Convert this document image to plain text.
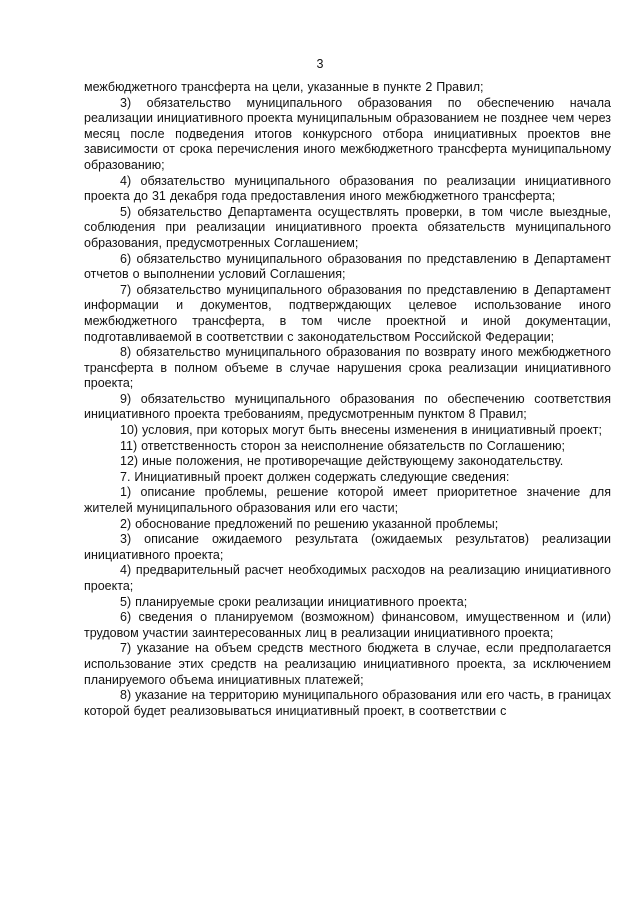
3

межбюджетного трансферта на цели, указанные в пункте 2 Правил;

3) обязательство муниципального образования по обеспечению начала реализации инициативного проекта муниципальным образованием не позднее чем через месяц после подведения итогов конкурсного отбора инициативных проектов вне зависимости от срока перечисления иного межбюджетного трансферта муниципальному образованию;

4) обязательство муниципального образования по реализации инициативного проекта до 31 декабря года предоставления иного межбюджетного трансферта;

5) обязательство Департамента осуществлять проверки, в том числе выездные, соблюдения при реализации инициативного проекта обязательств муниципального образования, предусмотренных Соглашением;

6) обязательство муниципального образования по представлению в Департамент отчетов о выполнении условий Соглашения;

7) обязательство муниципального образования по представлению в Департамент информации и документов, подтверждающих целевое использование иного межбюджетного трансферта, в том числе проектной и иной документации, подготавливаемой в соответствии с законодательством Российской Федерации;

8) обязательство муниципального образования по возврату иного межбюджетного трансферта в полном объеме в случае нарушения срока реализации инициативного проекта;

9) обязательство муниципального образования по обеспечению соответствия инициативного проекта требованиям, предусмотренным пунктом 8 Правил;

10) условия, при которых могут быть внесены изменения в инициативный проект;

11) ответственность сторон за неисполнение обязательств по Соглашению;

12) иные положения, не противоречащие действующему законодательству.

7. Инициативный проект должен содержать следующие сведения:

1) описание проблемы, решение которой имеет приоритетное значение для жителей муниципального образования или его части;

2) обоснование предложений по решению указанной проблемы;

3) описание ожидаемого результата (ожидаемых результатов) реализации инициативного проекта;

4) предварительный расчет необходимых расходов на реализацию инициативного проекта;

5) планируемые сроки реализации инициативного проекта;

6) сведения о планируемом (возможном) финансовом, имущественном и (или) трудовом участии заинтересованных лиц в реализации инициативного проекта;

7) указание на объем средств местного бюджета в случае, если предполагается использование этих средств на реализацию инициативного проекта, за исключением планируемого объема инициативных платежей;

8) указание на территорию муниципального образования или его часть, в границах которой будет реализовываться инициативный проект, в соответствии с
